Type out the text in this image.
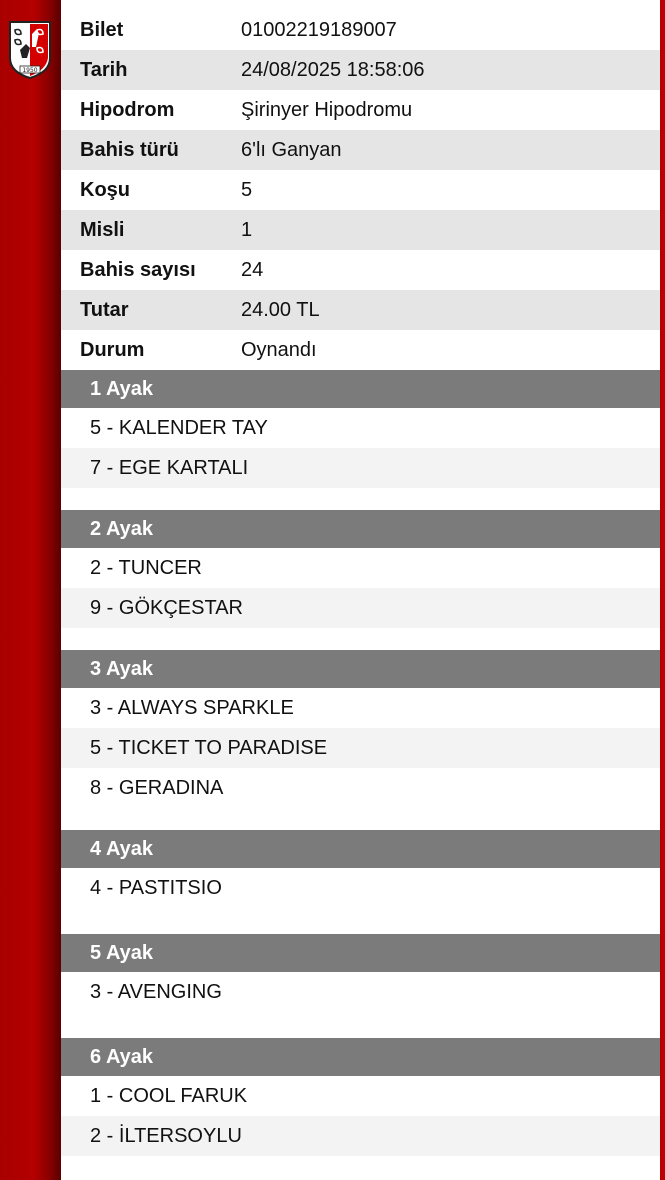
1950
Bilet	01002219189007
Tarih	24/08/2025 18:58:06
Hipodrom	Şirinyer Hipodromu
Bahis türü	6'lı Ganyan
Koşu	5
Misli	1
Bahis sayısı	24
Tutar	24.00 TL
Durum	Oynandı
1 Ayak
5 - KALENDER TAY
7 - EGE KARTALI
2 Ayak
2 - TUNCER
9 - GÖKÇESTAR
3 Ayak
3 - ALWAYS SPARKLE
5 - TICKET TO PARADISE
8 - GERADINA
4 Ayak
4 - PASTITSIO
5 Ayak
3 - AVENGING
6 Ayak
1 - COOL FARUK
2 - İLTERSOYLU
